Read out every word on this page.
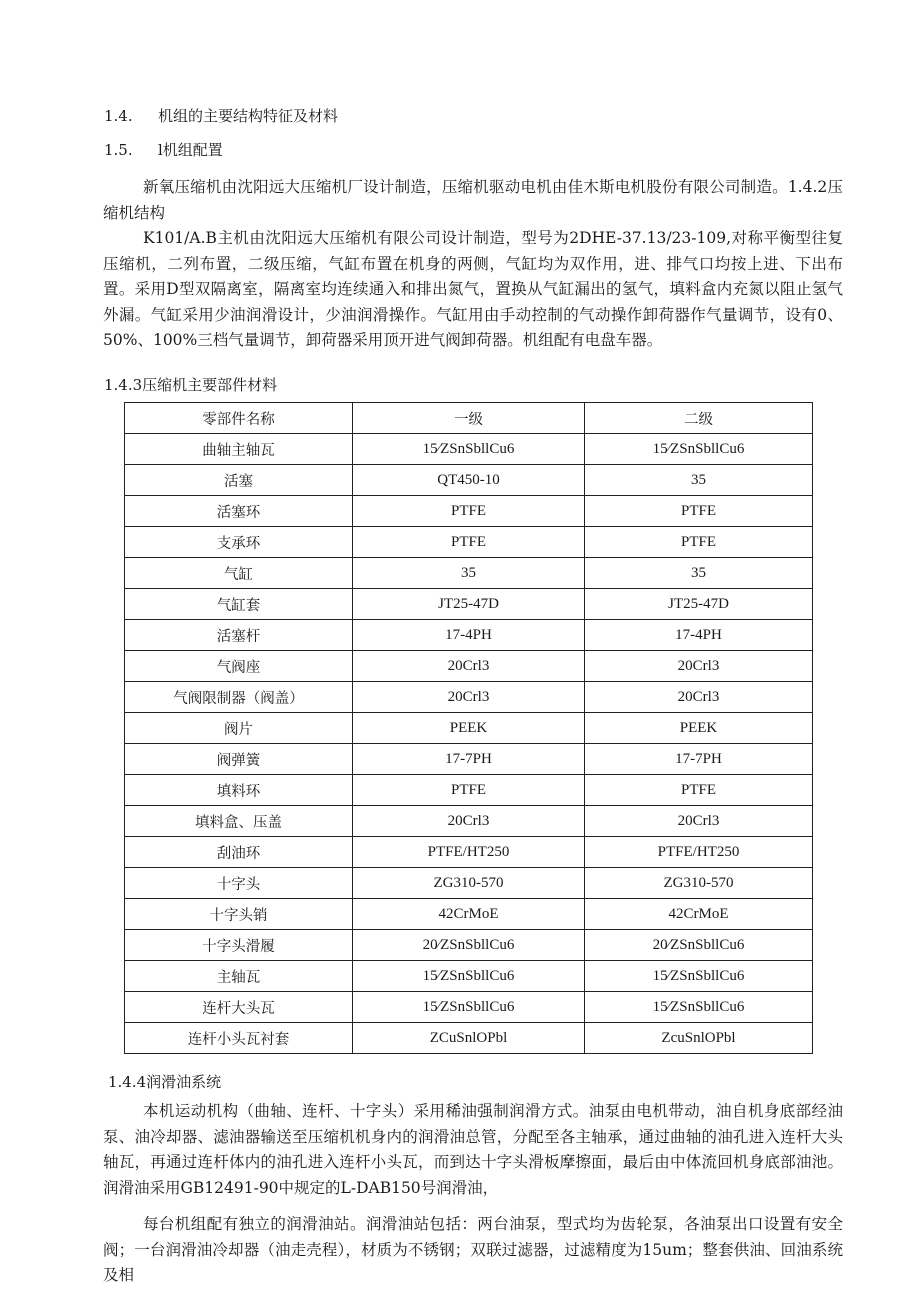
1.4. 机组的主要结构特征及材料
1.5. l机组配置

新氧压缩机由沈阳远大压缩机厂设计制造，压缩机驱动电机由佳木斯电机股份有限公司制造。1.4.2压缩机结构

K101/A.B主机由沈阳远大压缩机有限公司设计制造，型号为2DHE-37.13/23-109,对称平衡型往复压缩机，二列布置，二级压缩，气缸布置在机身的两侧，气缸均为双作用，进、排气口均按上进、下出布置。采用D型双隔离室，隔离室均连续通入和排出氮气，置换从气缸漏出的氢气，填料盒内充氮以阻止氢气外漏。气缸采用少油润滑设计，少油润滑操作。气缸用由手动控制的气动操作卸荷器作气量调节，设有0、50%、100%三档气量调节，卸荷器采用顶开进气阀卸荷器。机组配有电盘车器。

1.4.3压缩机主要部件材料
零部件名称	一级	二级
曲轴主轴瓦	15∕ZSnSbllCu6	15∕ZSnSbllCu6
活塞	QT450-10	35
活塞环	PTFE	PTFE
支承环	PTFE	PTFE
气缸	35	35
气缸套	JT25-47D	JT25-47D
活塞杆	17-4PH	17-4PH
气阀座	20Crl3	20Crl3
气阀限制器（阀盖）	20Crl3	20Crl3
阀片	PEEK	PEEK
阀弹簧	17-7PH	17-7PH
填料环	PTFE	PTFE
填料盒、压盖	20Crl3	20Crl3
刮油环	PTFE/HT250	PTFE/HT250
十字头	ZG310-570	ZG310-570
十字头销	42CrMoE	42CrMoE
十字头滑履	20∕ZSnSbllCu6	20∕ZSnSbllCu6
主轴瓦	15∕ZSnSbllCu6	15∕ZSnSbllCu6
连杆大头瓦	15∕ZSnSbllCu6	15∕ZSnSbllCu6
连杆小头瓦衬套	ZCuSnlOPbl	ZcuSnlOPbl
1.4.4润滑油系统

本机运动机构（曲轴、连杆、十字头）采用稀油强制润滑方式。油泵由电机带动，油自机身底部经油泵、油冷却器、滤油器输送至压缩机机身内的润滑油总管，分配至各主轴承，通过曲轴的油孔进入连杆大头轴瓦，再通过连杆体内的油孔进入连杆小头瓦，而到达十字头滑板摩擦面，最后由中体流回机身底部油池。润滑油采用GB12491-90中规定的L-DAB150号润滑油，

每台机组配有独立的润滑油站。润滑油站包括：两台油泵，型式均为齿轮泵，各油泵出口设置有安全阀；一台润滑油冷却器（油走壳程），材质为不锈钢；双联过滤器，过滤精度为15um；整套供油、回油系统及相
